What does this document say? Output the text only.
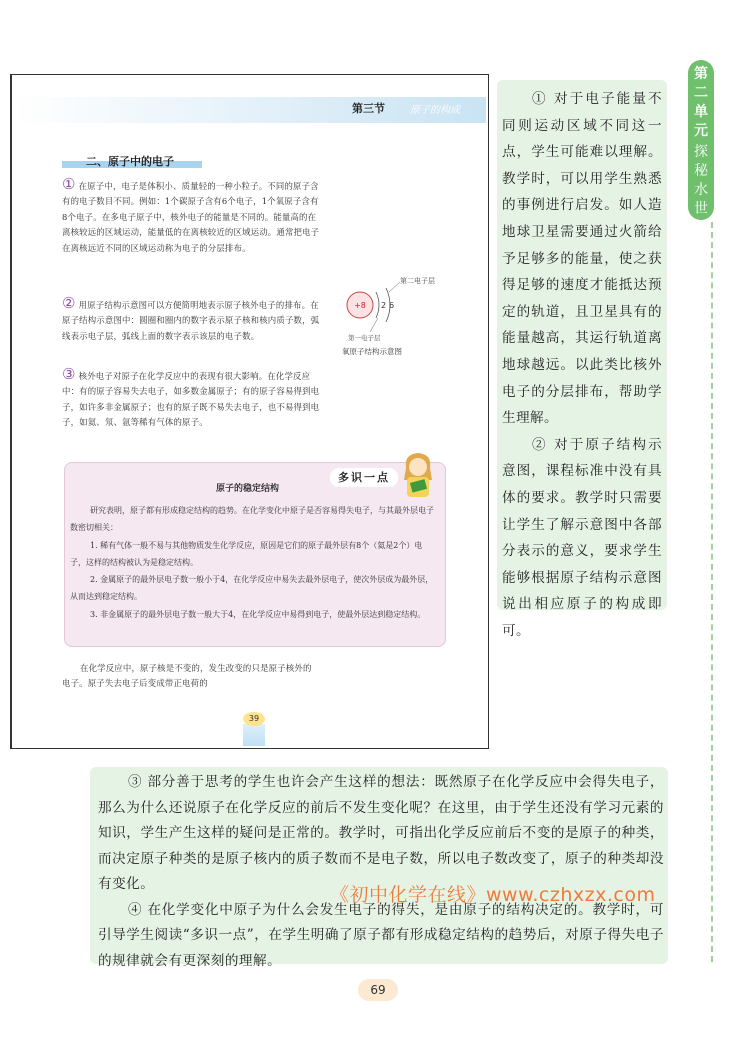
第三节	原子的构成
二、原子中的电子
① 在原子中，电子是体积小、质量轻的一种小粒子。不同的原子含有的电子数目不同。例如：1个碳原子含有6个电子，1个氧原子含有8个电子。在多电子原子中，核外电子的能量是不同的。能量高的在离核较远的区域运动，能量低的在离核较近的区域运动。通常把电子在离核远近不同的区域运动称为电子的分层排布。
② 用原子结构示意图可以方便简明地表示原子核外电子的排布。在原子结构示意图中：圆圈和圈内的数字表示原子核和核内质子数，弧线表示电子层，弧线上面的数字表示该层的电子数。
③ 核外电子对原子在化学反应中的表现有很大影响。在化学反应中：有的原子容易失去电子，如多数金属原子；有的原子容易得到电子，如许多非金属原子；也有的原子既不易失去电子，也不易得到电子，如氦、氖、氩等稀有气体的原子。
+8 2 6
第二电子层
第一电子层
氧原子结构示意图
多识一点
原子的稳定结构

研究表明，原子都有形成稳定结构的趋势。在化学变化中原子是否容易得失电子，与其最外层电子数密切相关：

1. 稀有气体一般不易与其他物质发生化学反应，原因是它们的原子最外层有8个（氦是2个）电子，这样的结构被认为是稳定结构。

2. 金属原子的最外层电子数一般小于4，在化学反应中易失去最外层电子，使次外层成为最外层，从而达到稳定结构。

3. 非金属原子的最外层电子数一般大于4，在化学反应中易得到电子，使最外层达到稳定结构。

在化学反应中，原子核是不变的，发生改变的只是原子核外的电子。原子失去电子后变成带正电荷的
39

① 对于电子能量不同则运动区域不同这一点，学生可能难以理解。教学时，可以用学生熟悉的事例进行启发。如人造地球卫星需要通过火箭给予足够多的能量，使之获得足够的速度才能抵达预定的轨道，且卫星具有的能量越高，其运行轨道离地球越远。以此类比核外电子的分层排布，帮助学生理解。

② 对于原子结构示意图，课程标准中没有具体的要求。教学时只需要让学生了解示意图中各部分表示的意义，要求学生能够根据原子结构示意图说出相应原子的构成即可。

第二单元
探秘水世界

③ 部分善于思考的学生也许会产生这样的想法：既然原子在化学反应中会得失电子，那么为什么还说原子在化学反应的前后不发生变化呢？在这里，由于学生还没有学习元素的知识，学生产生这样的疑问是正常的。教学时，可指出化学反应前后不变的是原子的种类，而决定原子种类的是原子核内的质子数而不是电子数，所以电子数改变了，原子的种类却没有变化。

④ 在化学变化中原子为什么会发生电子的得失，是由原子的结构决定的。教学时，可引导学生阅读“多识一点”，在学生明确了原子都有形成稳定结构的趋势后，对原子得失电子的规律就会有更深刻的理解。

《初中化学在线》www.czhxzx.com
69
